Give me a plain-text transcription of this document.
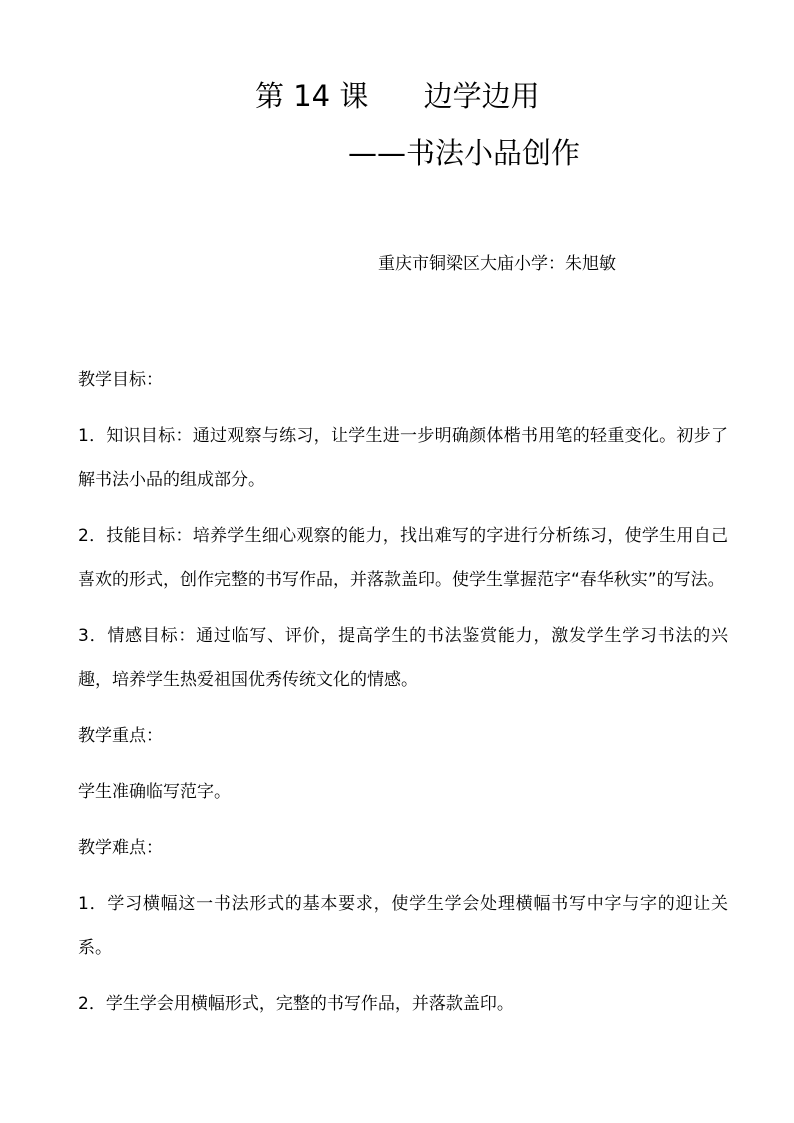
第 14 课      边学边用
——书法小品创作
重庆市铜梁区大庙小学：朱旭敏

教学目标：

1．知识目标：通过观察与练习，让学生进一步明确颜体楷书用笔的轻重变化。初步了解书法小品的组成部分。

2．技能目标：培养学生细心观察的能力，找出难写的字进行分析练习，使学生用自己喜欢的形式，创作完整的书写作品，并落款盖印。使学生掌握范字“春华秋实”的写法。

3．情感目标：通过临写、评价，提高学生的书法鉴赏能力，激发学生学习书法的兴趣，培养学生热爱祖国优秀传统文化的情感。

教学重点：

学生准确临写范字。

教学难点：

1．学习横幅这一书法形式的基本要求，使学生学会处理横幅书写中字与字的迎让关系。

2．学生学会用横幅形式，完整的书写作品，并落款盖印。
